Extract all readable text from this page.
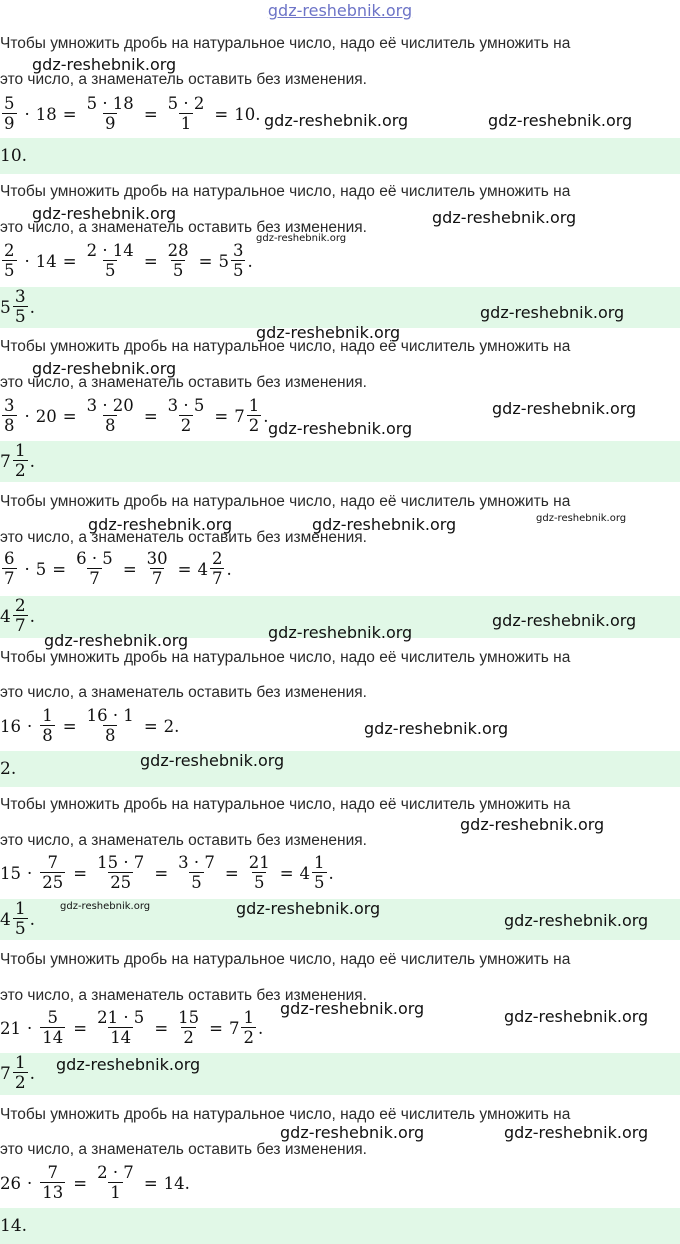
gdz-reshebnik.org
Чтобы умножить дробь на натуральное число, надо её числитель умножить на
это число, а знаменатель оставить без изменения.
$\frac{5}{9} \cdot 18 = \frac{5 \cdot 18}{9} = \frac{5 \cdot 2}{1} = 10$.
10.
Чтобы умножить дробь на натуральное число, надо её числитель умножить на
это число, а знаменатель оставить без изменения.
$\frac{2}{5} \cdot 14 = \frac{2 \cdot 14}{5} = \frac{28}{5} = 5 \frac{3}{5}$ .
$5 \frac{3}{5}$ .
Чтобы умножить дробь на натуральное число, надо её числитель умножить на
это число, а знаменатель оставить без изменения.
$\frac{3}{8} \cdot 20 = \frac{3 \cdot 20}{8} = \frac{3 \cdot 5}{2} = 7 \frac{1}{2}$ .
$7 \frac{1}{2}$ .
Чтобы умножить дробь на натуральное число, надо её числитель умножить на
это число, а знаменатель оставить без изменения.
$\frac{6}{7} \cdot 5 = \frac{6 \cdot 5}{7} = \frac{30}{7} = 4 \frac{2}{7}$ .
$4 \frac{2}{7}$ .
Чтобы умножить дробь на натуральное число, надо её числитель умножить на
это число, а знаменатель оставить без изменения.
$16 \cdot \frac{1}{8} = \frac{16 \cdot 1}{8} = 2$.
2.
Чтобы умножить дробь на натуральное число, надо её числитель умножить на
это число, а знаменатель оставить без изменения.
$15 \cdot \frac{7}{25} = \frac{15 \cdot 7}{25} = \frac{3 \cdot 7}{5} = \frac{21}{5} = 4 \frac{1}{5}$ .
$4 \frac{1}{5}$ .
Чтобы умножить дробь на натуральное число, надо её числитель умножить на
это число, а знаменатель оставить без изменения.
$21 \cdot \frac{5}{14} = \frac{21 \cdot 5}{14} = \frac{15}{2} = 7 \frac{1}{2}$ .
$7 \frac{1}{2}$ .
Чтобы умножить дробь на натуральное число, надо её числитель умножить на
это число, а знаменатель оставить без изменения.
$26 \cdot \frac{7}{13} = \frac{2 \cdot 7}{1} = 14$.
14.
gdz-reshebnik.org
gdz-reshebnik.org	gdz-reshebnik.org
gdz-reshebnik.org	gdz-reshebnik.org
gdz-reshebnik.org
gdz-reshebnik.org
gdz-reshebnik.org
gdz-reshebnik.org
gdz-reshebnik.org
gdz-reshebnik.org
gdz-reshebnik.org	gdz-reshebnik.org	gdz-reshebnik.org
gdz-reshebnik.org
gdz-reshebnik.org
gdz-reshebnik.org
gdz-reshebnik.org
gdz-reshebnik.org
gdz-reshebnik.org
gdz-reshebnik.org
gdz-reshebnik.org
gdz-reshebnik.org
gdz-reshebnik.org	gdz-reshebnik.org
gdz-reshebnik.org
gdz-reshebnik.org	gdz-reshebnik.org
